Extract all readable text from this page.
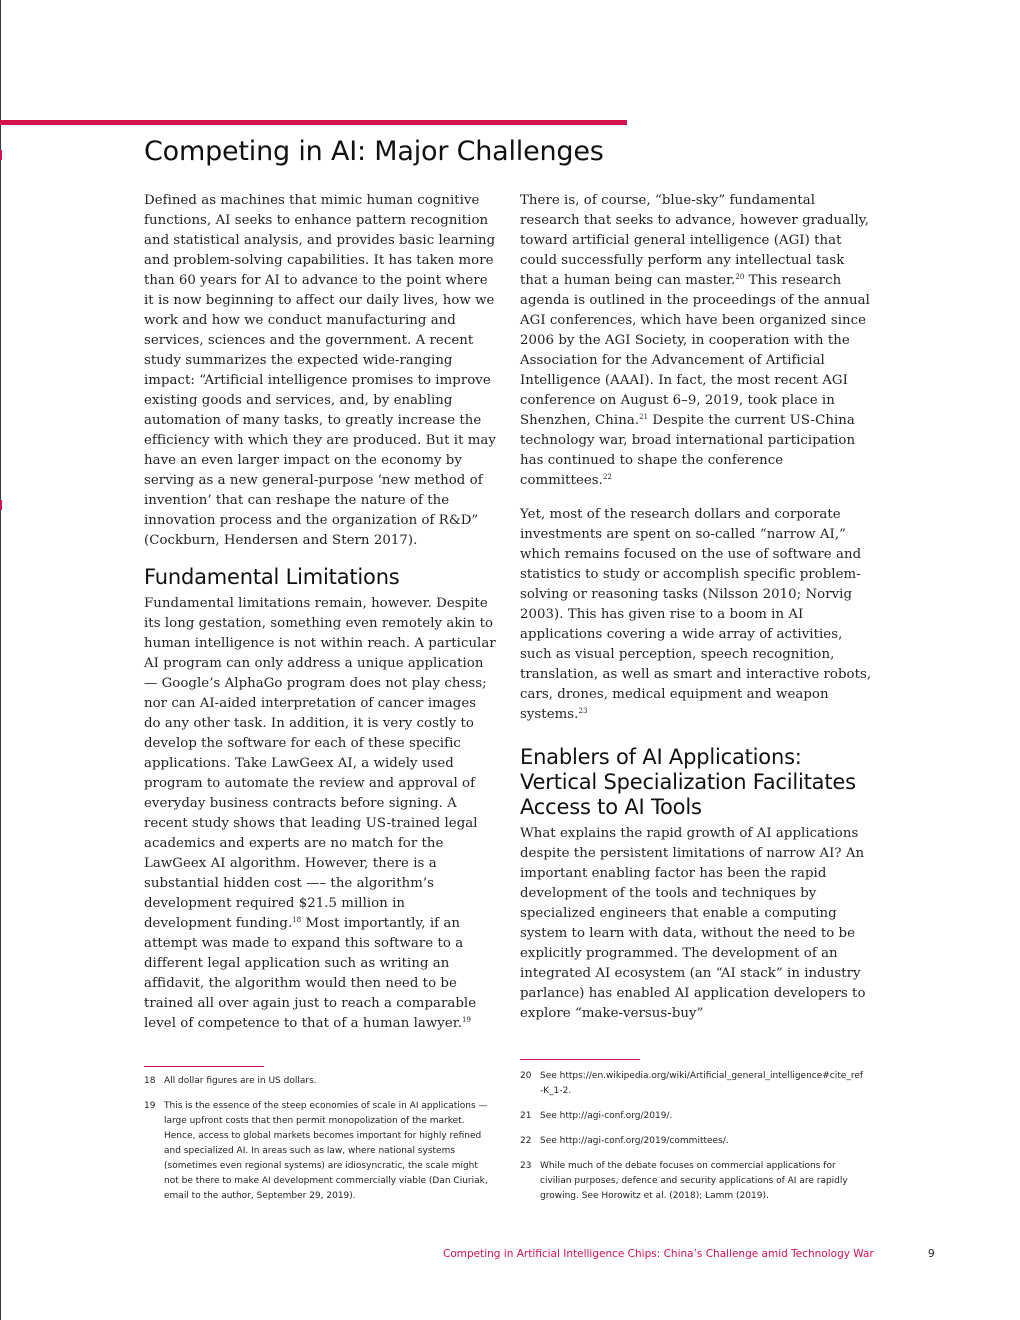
Competing in AI: Major Challenges

Defined as machines that mimic human cognitive functions, AI seeks to enhance pattern recognition and statistical analysis, and provides basic learning and problem-solving capabilities. It has taken more than 60 years for AI to advance to the point where it is now beginning to affect our daily lives, how we work and how we conduct manufacturing and services, sciences and the government. A recent study summarizes the expected wide-ranging impact: “Artificial intelligence promises to improve existing goods and services, and, by enabling automation of many tasks, to greatly increase the efficiency with which they are produced. But it may have an even larger impact on the economy by serving as a new general-purpose ‘new method of invention’ that can reshape the nature of the innovation process and the organization of R&D” (Cockburn, Hendersen and Stern 2017).

Fundamental Limitations

Fundamental limitations remain, however. Despite its long gestation, something even remotely akin to human intelligence is not within reach. A particular AI program can only address a unique application — Google’s AlphaGo program does not play chess; nor can AI-aided interpretation of cancer images do any other task. In addition, it is very costly to develop the software for each of these specific applications. Take LawGeex AI, a widely used program to automate the review and approval of everyday business contracts before signing. A recent study shows that leading US-trained legal academics and experts are no match for the LawGeex AI algorithm. However, there is a substantial hidden cost —– the algorithm’s development required $21.5 million in development funding.$^{18}$ Most importantly, if an attempt was made to expand this software to a different legal application such as writing an affidavit, the algorithm would then need to be trained all over again just to reach a comparable level of competence to that of a human lawyer.$^{19}$

There is, of course, “blue-sky” fundamental research that seeks to advance, however gradually, toward artificial general intelligence (AGI) that could successfully perform any intellectual task that a human being can master.$^{20}$ This research agenda is outlined in the proceedings of the annual AGI conferences, which have been organized since 2006 by the AGI Society, in cooperation with the Association for the Advancement of Artificial Intelligence (AAAI). In fact, the most recent AGI conference on August 6–9, 2019, took place in Shenzhen, China.$^{21}$ Despite the current US-China technology war, broad international participation has continued to shape the conference committees.$^{22}$

Yet, most of the research dollars and corporate investments are spent on so-called “narrow AI,” which remains focused on the use of software and statistics to study or accomplish specific problem-solving or reasoning tasks (Nilsson 2010; Norvig 2003). This has given rise to a boom in AI applications covering a wide array of activities, such as visual perception, speech recognition, translation, as well as smart and interactive robots, cars, drones, medical equipment and weapon systems.$^{23}$

Enablers of AI Applications: Vertical Specialization Facilitates Access to AI Tools

What explains the rapid growth of AI applications despite the persistent limitations of narrow AI? An important enabling factor has been the rapid development of the tools and techniques by specialized engineers that enable a computing system to learn with data, without the need to be explicitly programmed. The development of an integrated AI ecosystem (an “AI stack” in industry parlance) has enabled AI application developers to explore “make-versus-buy”

18 All dollar figures are in US dollars.
19 This is the essence of the steep economies of scale in AI applications — large upfront costs that then permit monopolization of the market. Hence, access to global markets becomes important for highly refined and specialized AI. In areas such as law, where national systems (sometimes even regional systems) are idiosyncratic, the scale might not be there to make AI development commercially viable (Dan Ciuriak, email to the author, September 29, 2019).
20 See https://en.wikipedia.org/wiki/Artificial_general_intelligence#cite_ref-K_1-2.
21 See http://agi-conf.org/2019/.
22 See http://agi-conf.org/2019/committees/.
23 While much of the debate focuses on commercial applications for civilian purposes, defence and security applications of AI are rapidly growing. See Horowitz et al. (2018); Lamm (2019).
Competing in Artificial Intelligence Chips: China’s Challenge amid Technology War	9
